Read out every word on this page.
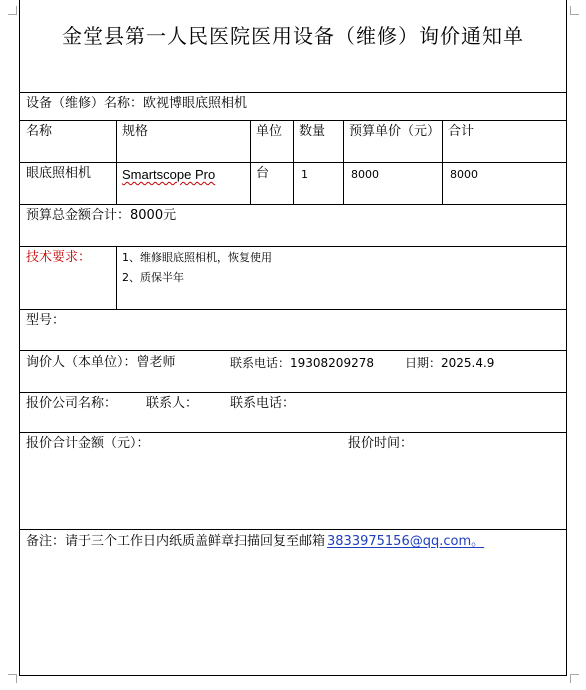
金堂县第一人民医院医用设备（维修）询价通知单
设备（维修）名称：欧视博眼底照相机
名称	规格	单位 数量 预算单价（元） 合计
眼底照相机 Smartscope Pro	台	1	8000	8000
预算总金额合计：8000元
技术要求：	1、维修眼底照相机，恢复使用
2、质保半年
型号：
询价人（本单位）：曾老师	联系电话：19308209278	日期：2025.4.9
报价公司名称： 联系人： 联系电话：
报价合计金额（元）：	报价时间：
备注：请于三个工作日内纸质盖鲜章扫描回复至邮箱 3833975156@qq.com。
